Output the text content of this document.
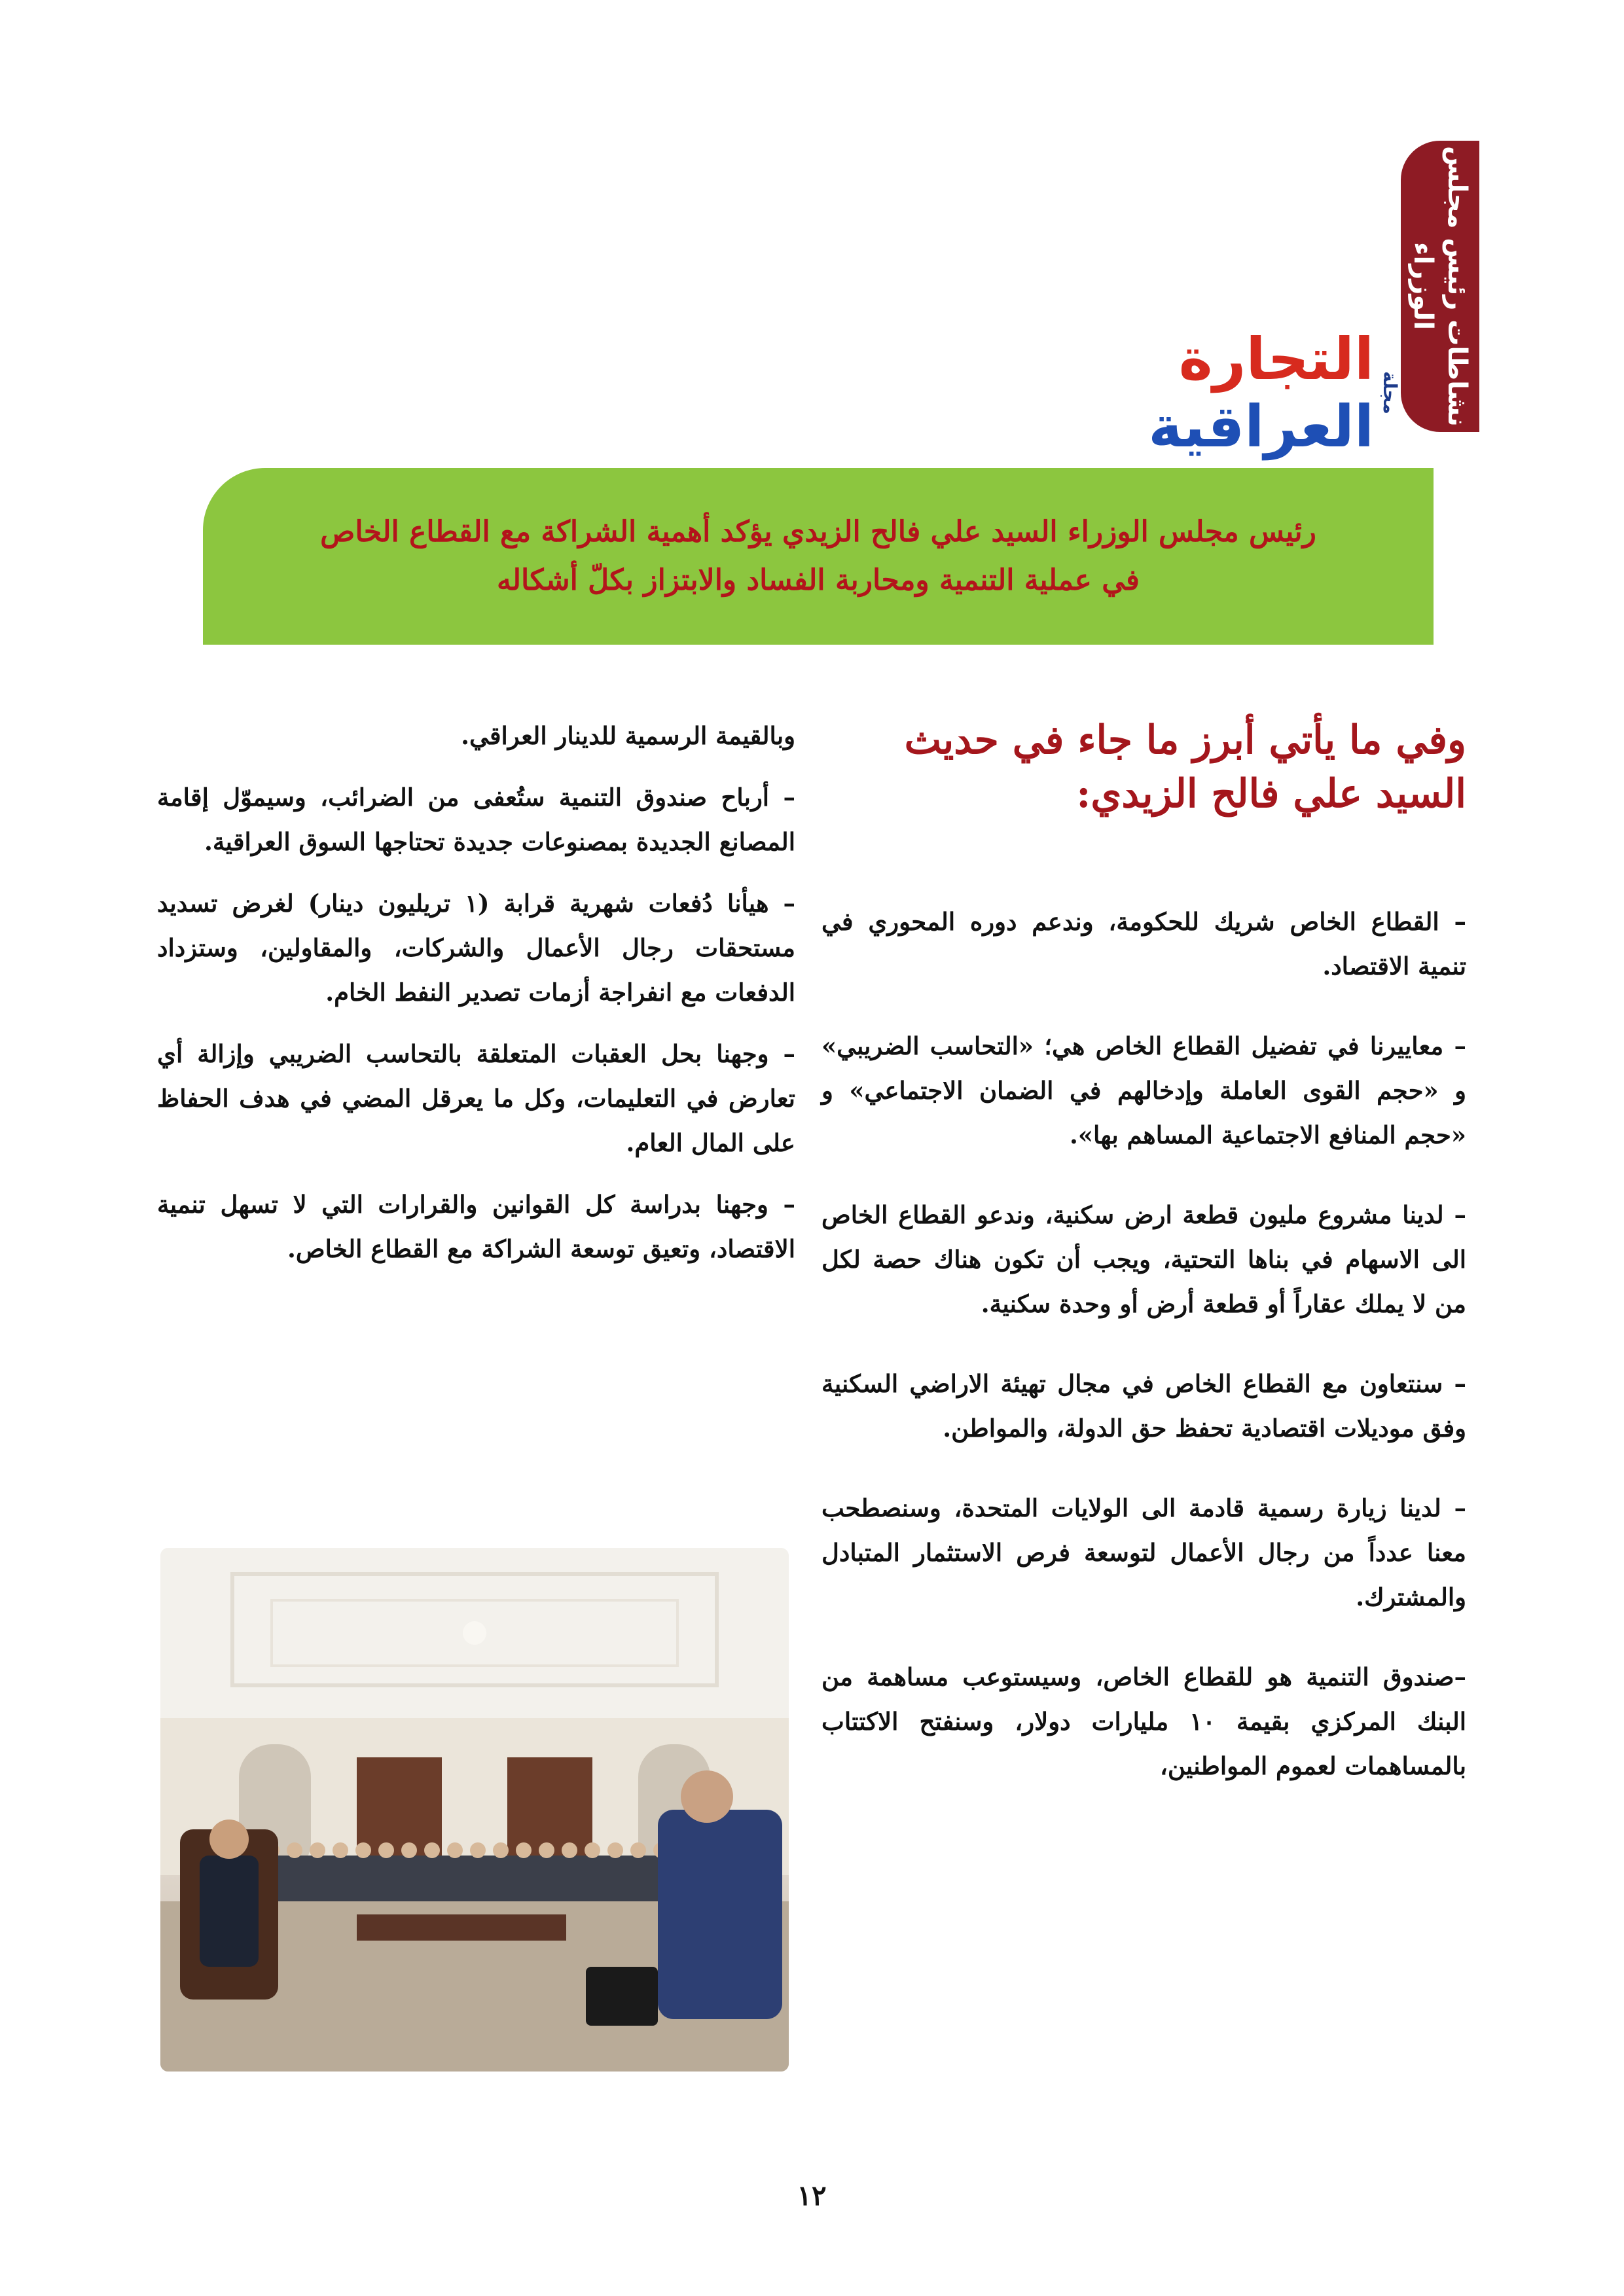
نشاطات رئيس مجلس الوزراء
مجلة
التجارة العراقية
رئيس مجلس الوزراء السيد علي فالح الزيدي يؤكد أهمية الشراكة مع القطاع الخاص
في عملية التنمية ومحاربة الفساد والابتزاز بكلّ أشكاله
وفي ما يأتي أبرز ما جاء في حديث السيد علي فالح الزيدي:

– القطاع الخاص شريك للحكومة، وندعم دوره المحوري في تنمية الاقتصاد.

– معاييرنا في تفضيل القطاع الخاص هي؛ «التحاسب الضريبي» و «حجم القوى العاملة وإدخالهم في الضمان الاجتماعي» و «حجم المنافع الاجتماعية المساهم بها».

– لدينا مشروع مليون قطعة ارض سكنية، وندعو القطاع الخاص الى الاسهام في بناها التحتية، ويجب أن تكون هناك حصة لكل من لا يملك عقاراً أو قطعة أرض أو وحدة سكنية.

– سنتعاون مع القطاع الخاص في مجال تهيئة الاراضي السكنية وفق موديلات اقتصادية تحفظ حق الدولة، والمواطن.

– لدينا زيارة رسمية قادمة الى الولايات المتحدة، وسنصطحب معنا عدداً من رجال الأعمال لتوسعة فرص الاستثمار المتبادل والمشترك.

–صندوق التنمية هو للقطاع الخاص، وسيستوعب مساهمة من البنك المركزي بقيمة ١٠ مليارات دولار، وسنفتح الاكتتاب بالمساهمات لعموم المواطنين،

وبالقيمة الرسمية للدينار العراقي.

– أرباح صندوق التنمية ستُعفى من الضرائب، وسيموّل إقامة المصانع الجديدة بمصنوعات جديدة تحتاجها السوق العراقية.

– هيأنا دُفعات شهرية قرابة (١ تريليون دينار) لغرض تسديد مستحقات رجال الأعمال والشركات، والمقاولين، وستزداد الدفعات مع انفراجة أزمات تصدير النفط الخام.

– وجهنا بحل العقبات المتعلقة بالتحاسب الضريبي وإزالة أي تعارض في التعليمات، وكل ما يعرقل المضي في هدف الحفاظ على المال العام.

– وجهنا بدراسة كل القوانين والقرارات التي لا تسهل تنمية الاقتصاد، وتعيق توسعة الشراكة مع القطاع الخاص.

١٢
